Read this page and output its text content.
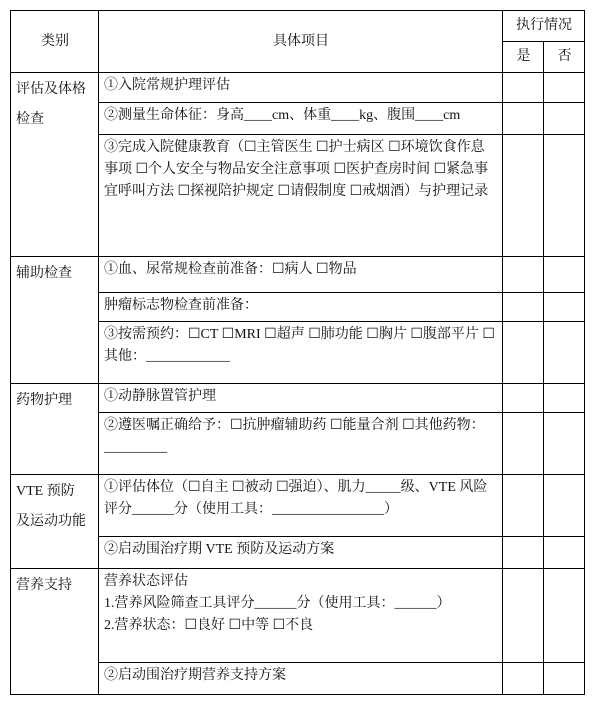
类别	具体项目	执行情况	
		是	否

评估及体格检查	①入院常规护理评估		

	②测量生命体征：身高____cm、体重____kg、腹围____cm		

	③完成入院健康教育（☐主管医生 ☐护士病区 ☐环境饮食作息事项 ☐个人安全与物品安全注意事项 ☐医护查房时间 ☐紧急事宜呼叫方法 ☐探视陪护规定 ☐请假制度 ☐戒烟酒）与护理记录		

辅助检查	①血、尿常规检查前准备：☐病人 ☐物品		

	肿瘤标志物检查前准备：		

	③按需预约：☐CT ☐MRI ☐超声 ☐肺功能 ☐胸片 ☐腹部平片 ☐其他：____________		

药物护理	①动静脉置管护理		

	②遵医嘱正确给予：☐抗肿瘤辅助药 ☐能量合剂 ☐其他药物：_________		

VTE 预防及运动功能	①评估体位（☐自主 ☐被动 ☐强迫）、肌力_____级、VTE 风险评分______分（使用工具：________________）		

	②启动围治疗期 VTE 预防及运动方案		

营养支持	营养状态评估
1.营养风险筛查工具评分______分（使用工具：______）
2.营养状态：☐良好 ☐中等 ☐不良		

	②启动围治疗期营养支持方案		
